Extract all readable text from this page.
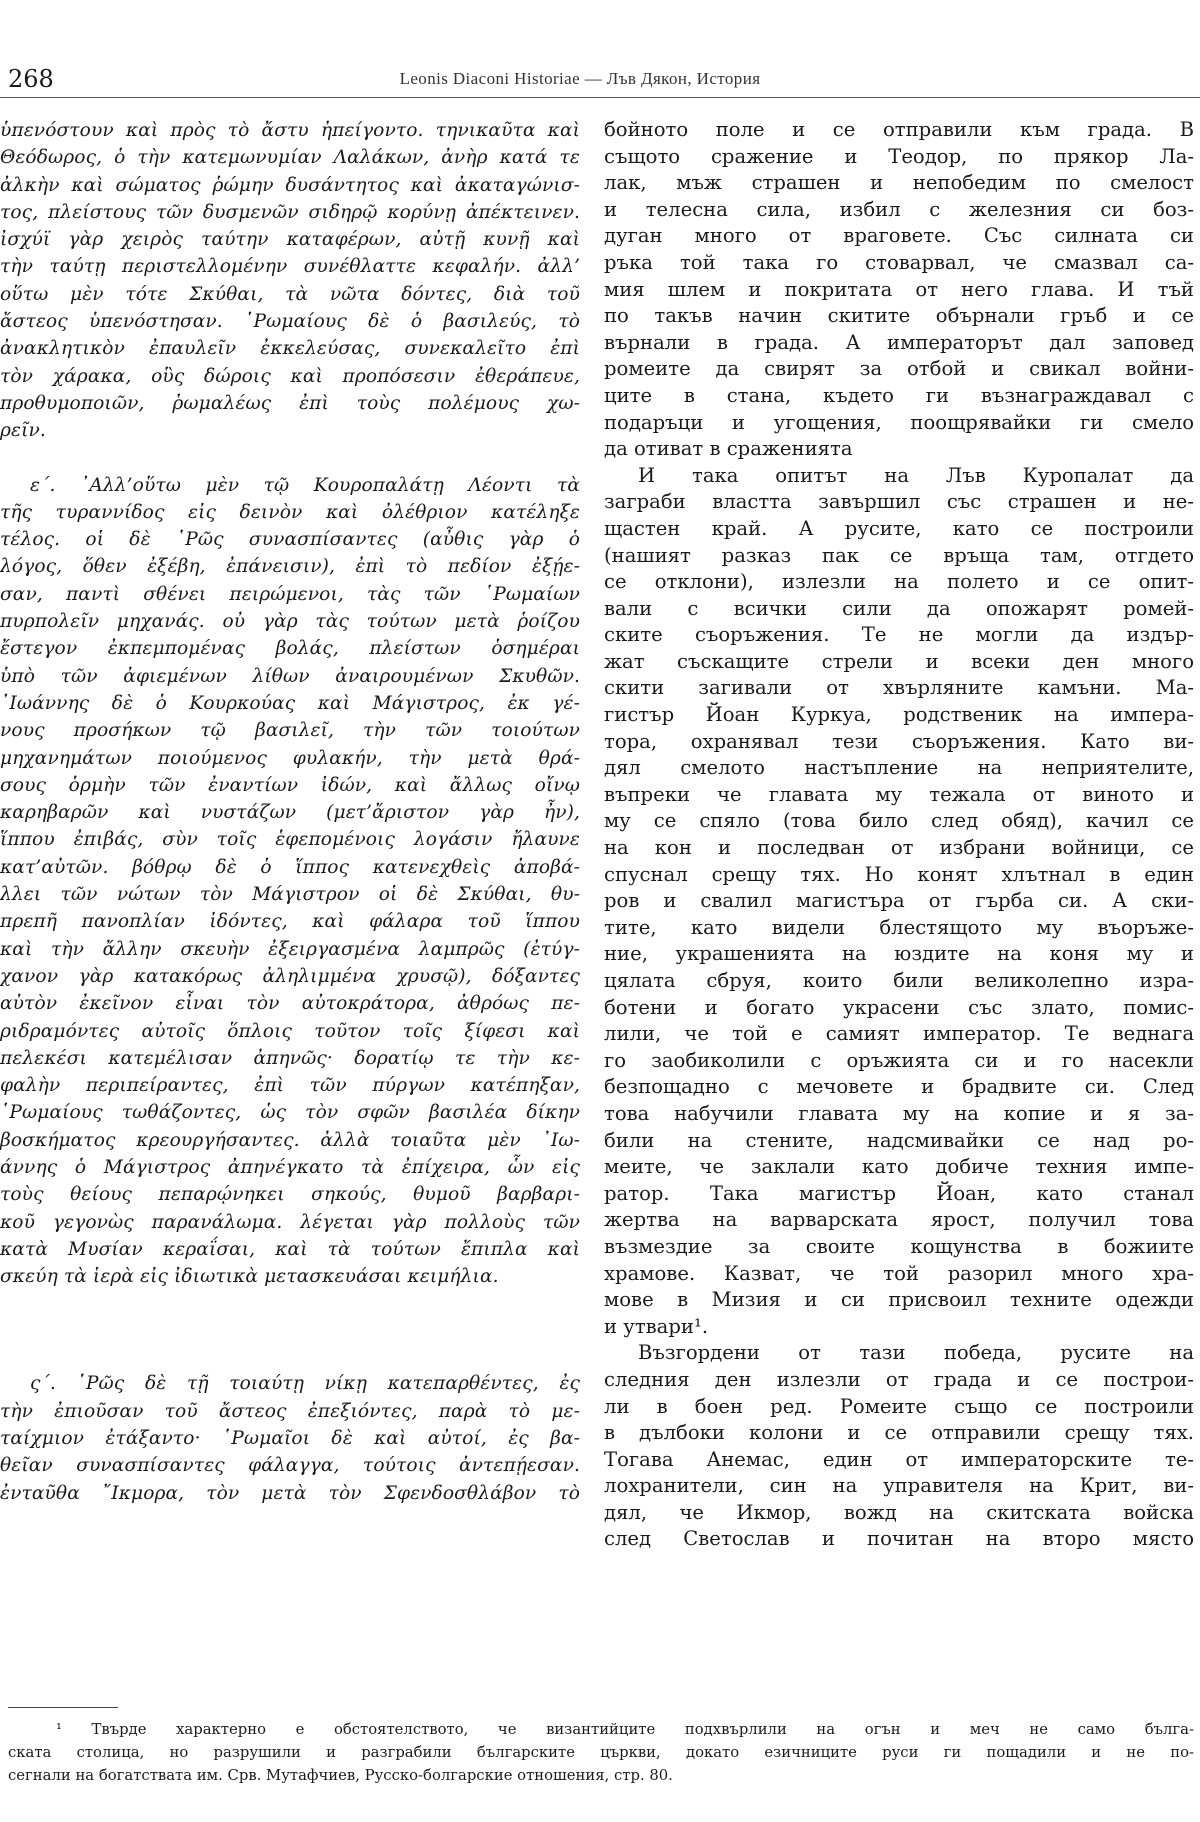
268	Leonis Diaconi Historiae — Лъв Дякон, История
ὑπενόστουν καὶ πρὸς τὸ ἄστυ ἠπείγοντο. τηνικαῦτα καὶ
Θεόδωρος, ὁ τὴν κατεμωνυμίαν Λαλάκων, ἀνὴρ κατά τε
ἀλκὴν καὶ σώματος ῥώμην δυσάντητος καὶ ἀκαταγώνισ-
τος, πλείστους τῶν δυσμενῶν σιδηρῷ κορύνῃ ἀπέκτεινεν.
ἰσχύϊ γὰρ χειρὸς ταύτην καταφέρων, αὐτῇ κυνῇ καὶ
τὴν ταύτῃ περιστελλομένην συνέθλαττε κεφαλήν. ἀλλ’
οὕτω μὲν τότε Σκύθαι, τὰ νῶτα δόντες, διὰ τοῦ
ἄστεος ὑπενόστησαν. ῾Ρωμαίους δὲ ὁ βασιλεύς, τὸ
ἀνακλητικὸν ἐπαυλεῖν ἐκκελεύσας, συνεκαλεῖτο ἐπὶ
τὸν χάρακα, οὓς δώροις καὶ προπόσεσιν ἐθεράπευε,
προθυμοποιῶν, ῥωμαλέως ἐπὶ τοὺς πολέμους χω-
ρεῖν.
ε΄. ᾿Αλλ’οὕτω μὲν τῷ Κουροπαλάτῃ Λέοντι τὰ
τῆς τυραννίδος εἰς δεινὸν καὶ ὀλέθριον κατέληξε
τέλος. οἱ δὲ ῾Ρῶς συνασπίσαντες (αὖθις γὰρ ὁ
λόγος, ὅθεν ἐξέβη, ἐπάνεισιν), ἐπὶ τὸ πεδίον ἐξῄε-
σαν, παντὶ σθένει πειρώμενοι, τὰς τῶν ῾Ρωμαίων
πυρπολεῖν μηχανάς. οὐ γὰρ τὰς τούτων μετὰ ῥοίζου
ἔστεγον ἐκπεμπομένας βολάς, πλείστων ὁσημέραι
ὑπὸ τῶν ἀφιεμένων λίθων ἀναιρουμένων Σκυθῶν.
᾿Ιωάννης δὲ ὁ Κουρκούας καὶ Μάγιστρος, ἐκ γέ-
νους προσήκων τῷ βασιλεῖ, τὴν τῶν τοιούτων
μηχανημάτων ποιούμενος φυλακήν, τὴν μετὰ θρά-
σους ὁρμὴν τῶν ἐναντίων ἰδών, καὶ ἄλλως οἴνῳ
καρηβαρῶν καὶ νυστάζων (μετ’ἄριστον γὰρ ἦν),
ἵππου ἐπιβάς, σὺν τοῖς ἑφεπομένοις λογάσιν ἤλαυνε
κατ’αὐτῶν. βόθρῳ δὲ ὁ ἵππος κατενεχθεὶς ἀποβά-
λλει τῶν νώτων τὸν Μάγιστρον οἱ δὲ Σκύθαι, θυ-
πρεπῆ πανοπλίαν ἰδόντες, καὶ φάλαρα τοῦ ἵππου
καὶ τὴν ἄλλην σκευὴν ἐξειργασμένα λαμπρῶς (ἐτύγ-
χανον γὰρ κατακόρως ἀληλιμμένα χρυσῷ), δόξαντες
αὐτὸν ἐκεῖνον εἶναι τὸν αὐτοκράτορα, ἀθρόως πε-
ριδραμόντες αὐτοῖς ὅπλοις τοῦτον τοῖς ξίφεσι καὶ
πελεκέσι κατεμέλισαν ἀπηνῶς· δορατίῳ τε τὴν κε-
φαλὴν περιπείραντες, ἐπὶ τῶν πύργων κατέπηξαν,
῾Ρωμαίους τωθάζοντες, ὡς τὸν σφῶν βασιλέα δίκην
βοσκήματος κρεουργήσαντες. ἀλλὰ τοιαῦτα μὲν ᾿Ιω-
άννης ὁ Μάγιστρος ἀπηνέγκατο τὰ ἐπίχειρα, ὧν εἰς
τοὺς θείους πεπαρῴνηκει σηκούς, θυμοῦ βαρβαρι-
κοῦ γεγονὼς παρανάλωμα. λέγεται γὰρ πολλοὺς τῶν
κατὰ Μυσίαν κεραΐσαι, καὶ τὰ τούτων ἔπιπλα καὶ
σκεύη τὰ ἱερὰ εἰς ἰδιωτικὰ μετασκευάσαι κειμήλια.
ς΄. ῾Ρῶς δὲ τῇ τοιαύτῃ νίκῃ κατεπαρθέντες, ἐς
τὴν ἐπιοῦσαν τοῦ ἄστεος ἐπεξιόντες, παρὰ τὸ με-
ταίχμιον ἐτάξαντο· ῾Ρωμαῖοι δὲ καὶ αὐτοί, ἐς βα-
θεῖαν συνασπίσαντες φάλαγγα, τούτοις ἀντεπῄεσαν.
ἐνταῦθα ῎Ικμορα, τὸν μετὰ τὸν Σφενδοσθλάβον τὸ
бойното поле и се отправили към града. В
същото сражение и Теодор, по прякор Ла-
лак, мъж страшен и непобедим по смелост
и телесна сила, избил с железния си боз-
дуган много от враговете. Със силната си
ръка той така го стоварвал, че смазвал са-
мия шлем и покритата от него глава. И тъй
по такъв начин скитите обърнали гръб и се
върнали в града. А императорът дал заповед
ромеите да свирят за отбой и свикал войни-
ците в стана, където ги възнаграждавал с
подаръци и угощения, поощрявайки ги смело
да отиват в сраженията
И така опитът на Лъв Куропалат да
заграби властта завършил със страшен и не-
щастен край. А русите, като се построили
(нашият разказ пак се връща там, отгдето
се отклони), излезли на полето и се опит-
вали с всички сили да опожарят ромей-
ските съоръжения. Те не могли да издър-
жат съскащите стрели и всеки ден много
скити загивали от хвърляните камъни. Ма-
гистър Йоан Куркуа, родственик на импера-
тора, охранявал тези съоръжения. Като ви-
дял смелото настъпление на неприятелите,
въпреки че главата му тежала от виното и
му се спяло (това било след обяд), качил се
на кон и последван от избрани войници, се
спуснал срещу тях. Но конят хлътнал в един
ров и свалил магистъра от гърба си. А ски-
тите, като видели блестящото му въоръже-
ние, украшенията на юздите на коня му и
цялата сбруя, които били великолепно изра-
ботени и богато украсени със злато, помис-
лили, че той е самият император. Те веднага
го заобиколили с оръжията си и го насекли
безпощадно с мечовете и брадвите си. След
това набучили главата му на копие и я за-
били на стените, надсмивайки се над ро-
меите, че заклали като добиче техния импе-
ратор. Така магистър Йоан, като станал
жертва на варварската ярост, получил това
възмездие за своите кощунства в божиите
храмове. Казват, че той разорил много хра-
мове в Мизия и си присвоил техните одежди
и утвари¹.
Възгордени от тази победа, русите на
следния ден излезли от града и се построи-
ли в боен ред. Ромеите също се построили
в дълбоки колони и се отправили срещу тях.
Тогава Анемас, един от императорските те-
лохранители, син на управителя на Крит, ви-
дял, че Икмор, вожд на скитската войска
след Светослав и почитан на второ място
¹ Твърде характерно е обстоятелството, че византийците подхвърлили на огън и меч не само бълга-
ската столица, но разрушили и разграбили българските църкви, докато езичниците руси ги пощадили и не по-
сегнали на богатствата им. Срв. Мутафчиев, Русско-болгарские отношения, стр. 80.
